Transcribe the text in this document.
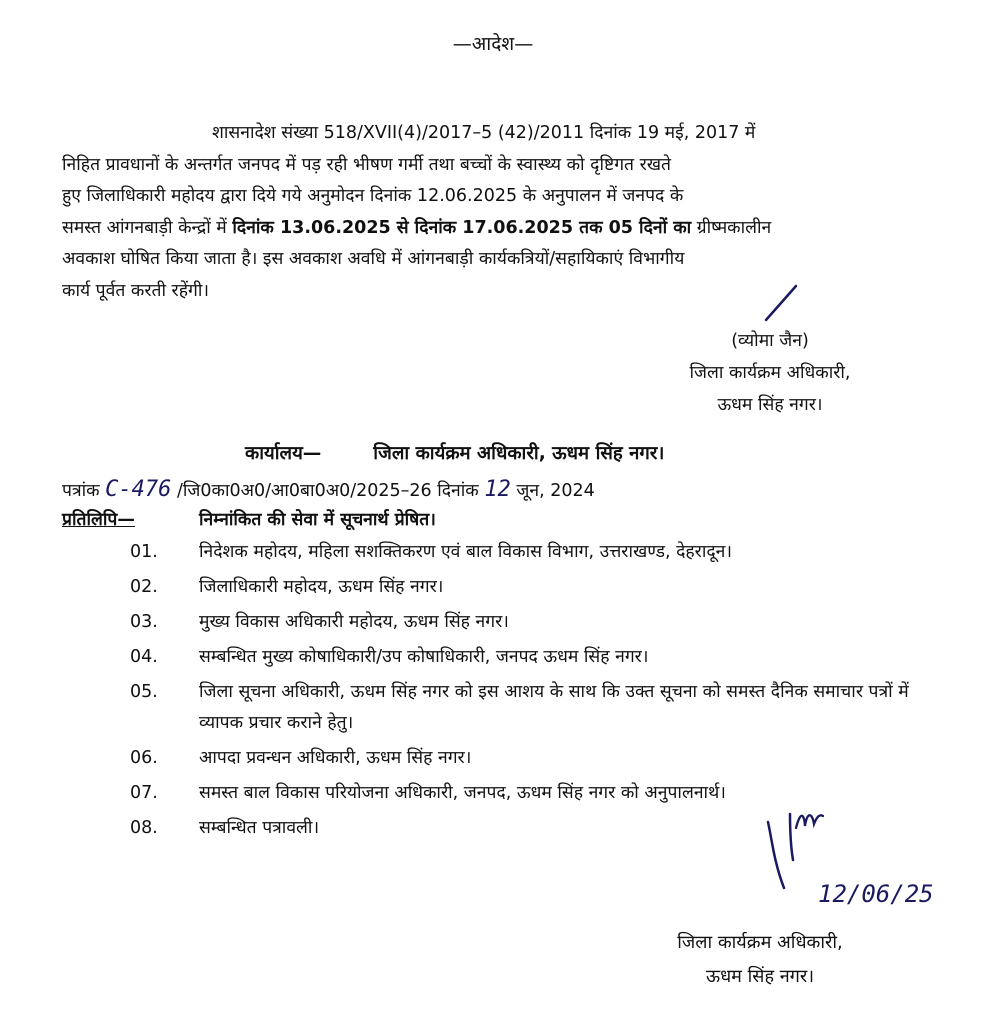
—आदेश—
शासनादेश संख्या 518/XVII(4)/2017–5 (42)/2011 दिनांक 19 मई, 2017 में
निहित प्रावधानों के अन्तर्गत जनपद में पड़ रही भीषण गर्मी तथा बच्चों के स्वास्थ्य को दृष्टिगत रखते
हुए जिलाधिकारी महोदय द्वारा दिये गये अनुमोदन दिनांक 12.06.2025 के अनुपालन में जनपद के
समस्त आंगनबाड़ी केन्द्रों में दिनांक 13.06.2025 से दिनांक 17.06.2025 तक 05 दिनों का ग्रीष्मकालीन
अवकाश घोषित किया जाता है। इस अवकाश अवधि में आंगनबाड़ी कार्यकत्रियों/सहायिकाएं विभागीय
कार्य पूर्वत करती रहेंगी।
(व्योमा जैन)
जिला कार्यक्रम अधिकारी,
ऊधम सिंह नगर।
कार्यालय—	जिला कार्यक्रम अधिकारी, ऊधम सिंह नगर।
पत्रांक C-476 /जि0का0अ0/आ0बा0अ0/2025–26 दिनांक 12 जून, 2024
प्रतिलिपि—	निम्नांकित की सेवा में सूचनार्थ प्रेषित।
01.	निदेशक महोदय, महिला सशक्तिकरण एवं बाल विकास विभाग, उत्तराखण्ड, देहरादून।
02.	जिलाधिकारी महोदय, ऊधम सिंह नगर।
03.	मुख्य विकास अधिकारी महोदय, ऊधम सिंह नगर।
04.	सम्बन्धित मुख्य कोषाधिकारी/उप कोषाधिकारी, जनपद ऊधम सिंह नगर।
05.	जिला सूचना अधिकारी, ऊधम सिंह नगर को इस आशय के साथ कि उक्त सूचना को समस्त दैनिक समाचार पत्रों में व्यापक प्रचार कराने हेतु।
06.	आपदा प्रवन्धन अधिकारी, ऊधम सिंह नगर।
07.	समस्त बाल विकास परियोजना अधिकारी, जनपद, ऊधम सिंह नगर को अनुपालनार्थ।
08.	सम्बन्धित पत्रावली।
12/06/25
जिला कार्यक्रम अधिकारी,
ऊधम सिंह नगर।
